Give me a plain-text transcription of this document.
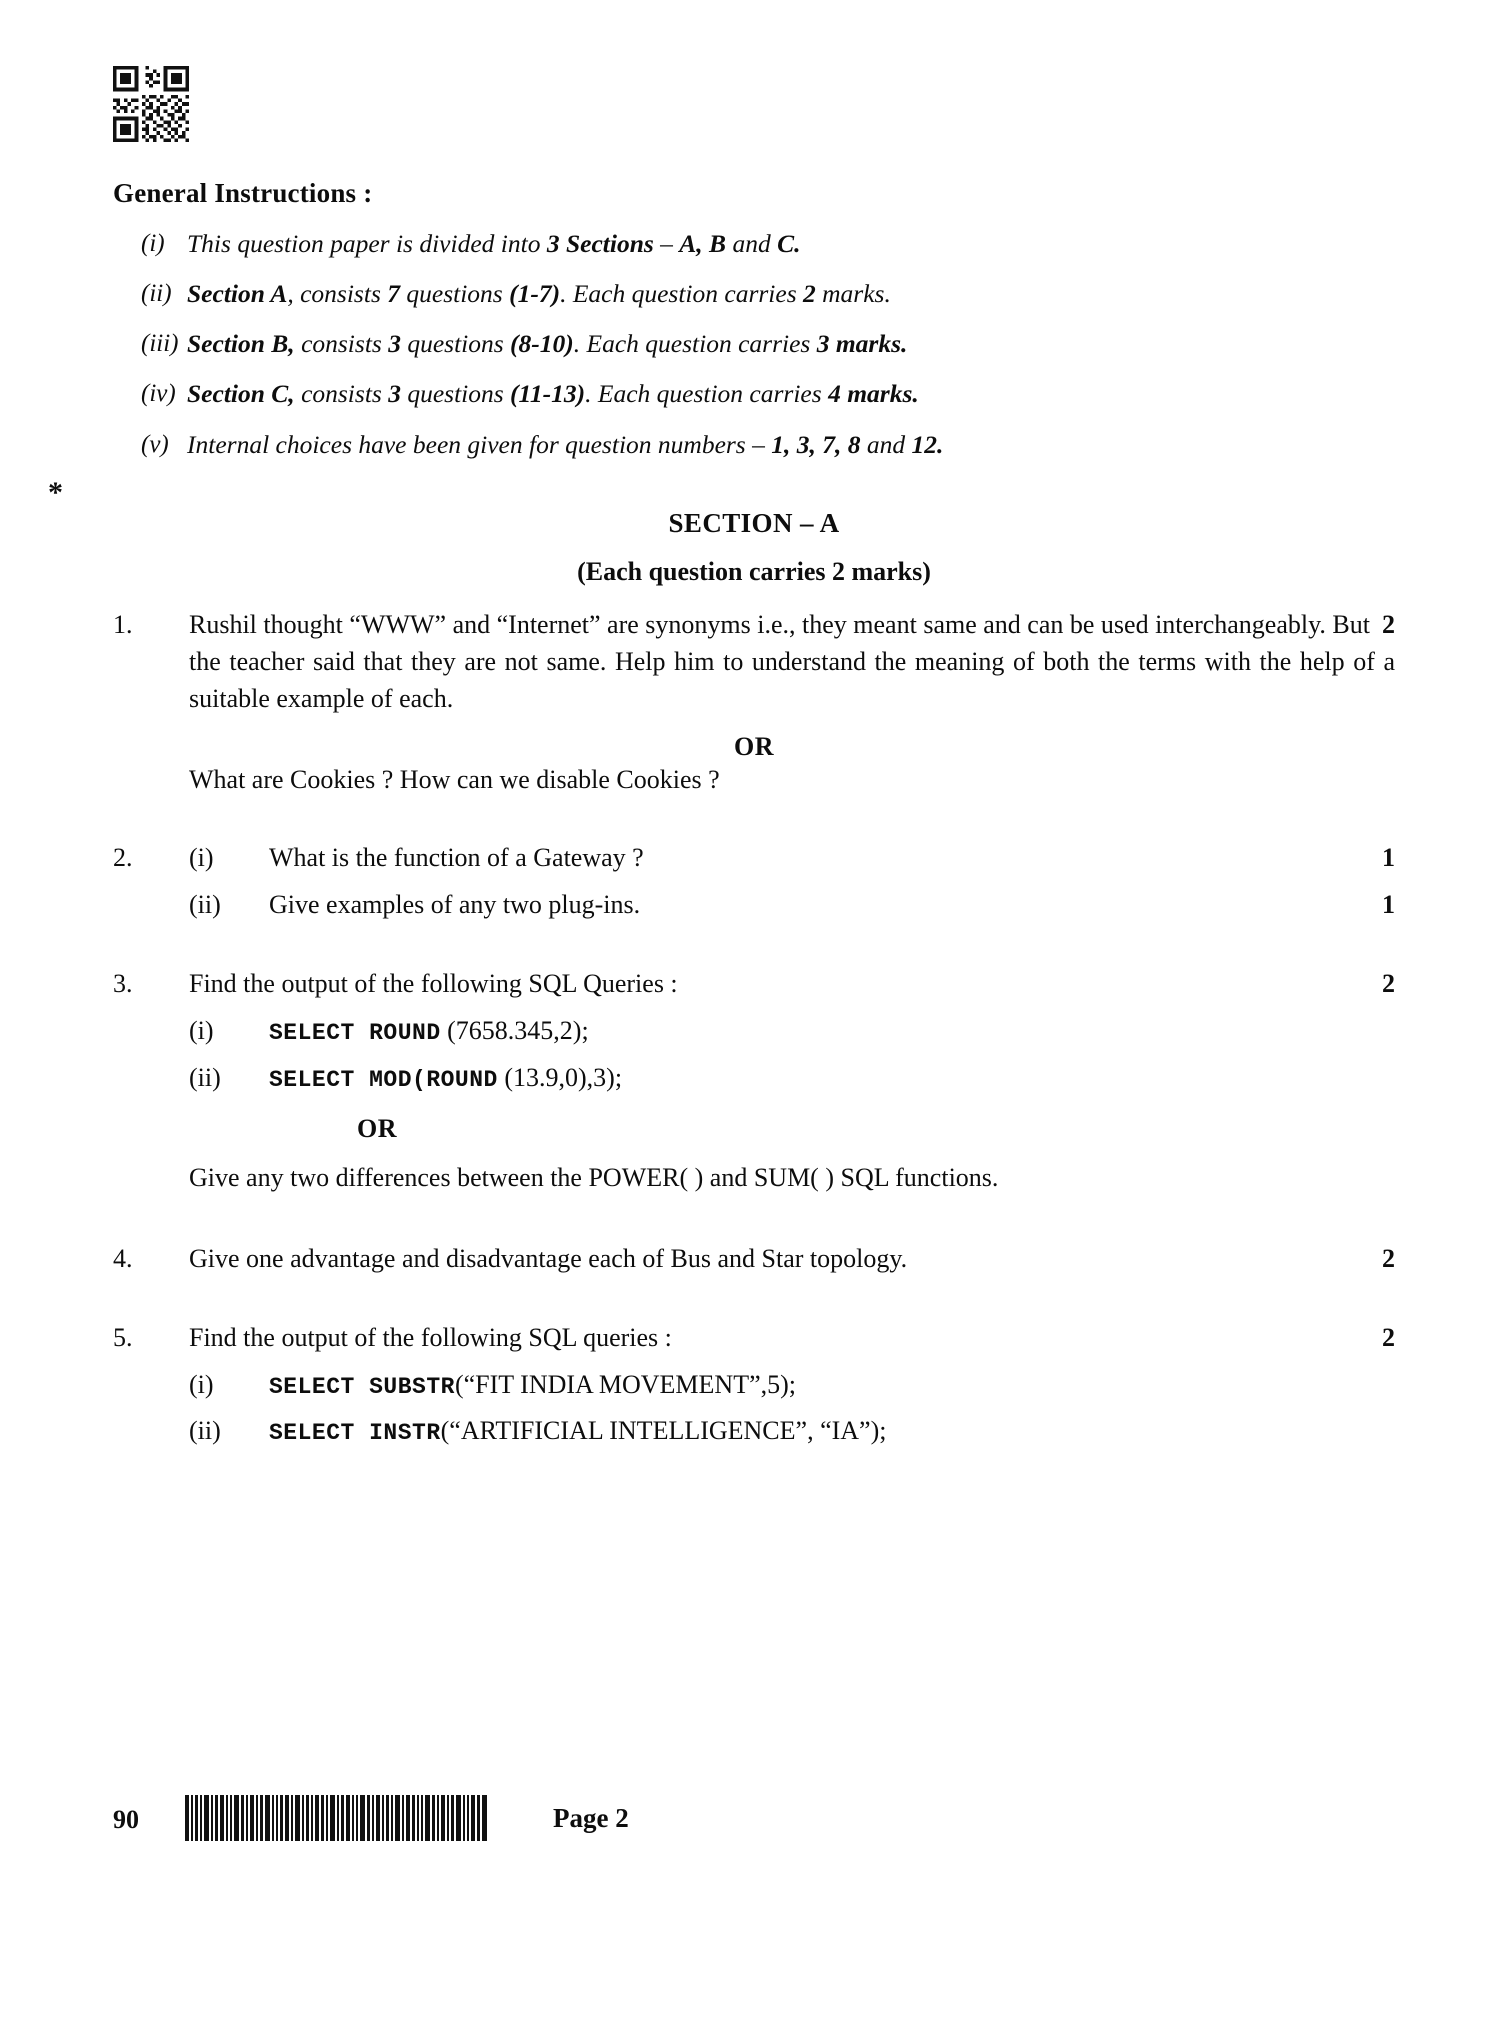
*
General Instructions :
(i) This question paper is divided into 3 Sections – A, B and C.
(ii) Section A, consists 7 questions (1-7). Each question carries 2 marks.
(iii) Section B, consists 3 questions (8-10). Each question carries 3 marks.
(iv) Section C, consists 3 questions (11-13). Each question carries 4 marks.
(v) Internal choices have been given for question numbers – 1, 3, 7, 8 and 12.
SECTION – A
(Each question carries 2 marks)
1.	2
Rushil thought “WWW” and “Internet” are synonyms i.e., they meant same and can be used interchangeably. But the teacher said that they are not same. Help him to understand the meaning of both the terms with the help of a suitable example of each.
OR
What are Cookies ? How can we disable Cookies ?
2.	(i)	1
What is the function of a Gateway ?
(ii)	1
Give examples of any two plug-ins.
3.	2
Find the output of the following SQL Queries :
(i)	SELECT ROUND (7658.345,2);
(ii)	SELECT MOD(ROUND (13.9,0),3);
OR
Give any two differences between the POWER( ) and SUM( ) SQL functions.
4.	2
Give one advantage and disadvantage each of Bus and Star topology.
5.	2
Find the output of the following SQL queries :
(i)	SELECT SUBSTR(“FIT INDIA MOVEMENT”,5);
(ii)	SELECT INSTR(“ARTIFICIAL INTELLIGENCE”, “IA”);
90	Page 2
